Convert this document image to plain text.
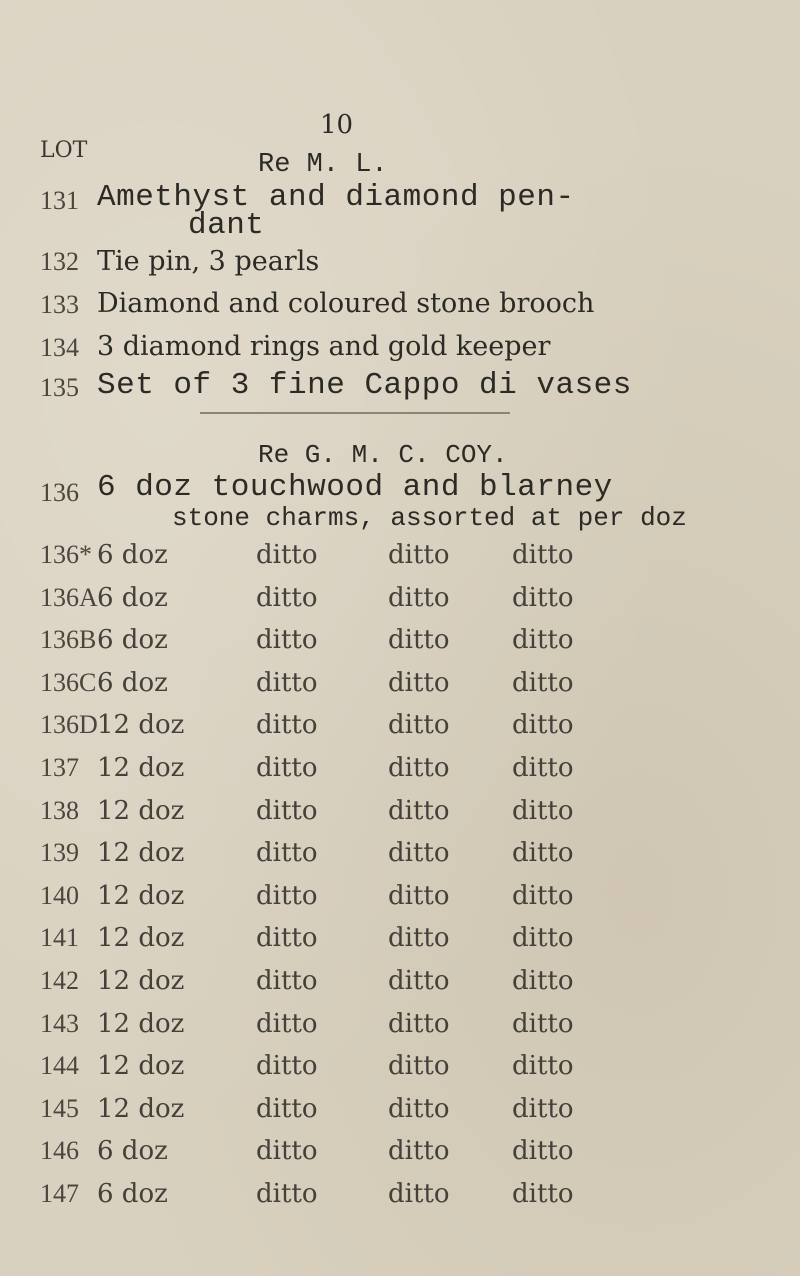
10
LOT	Re M. L.
131 Amethyst and diamond pen-
dant
132 Tie pin, 3 pearls
133 Diamond and coloured stone brooch
134 3 diamond rings and gold keeper
135 Set of 3 fine Cappo di vases
Re G. M. C. COY.
136 6 doz touchwood and blarney
stone charms, assorted at per doz
136* 6 doz	ditto	ditto ditto
136A 6 doz	ditto	ditto ditto
136B 6 doz	ditto	ditto ditto
136C 6 doz	ditto	ditto ditto
136D 12 doz	ditto	ditto ditto
137 12 doz	ditto	ditto ditto
138 12 doz	ditto	ditto ditto
139 12 doz	ditto	ditto ditto
140 12 doz	ditto	ditto ditto
141 12 doz	ditto	ditto ditto
142 12 doz	ditto	ditto ditto
143 12 doz	ditto	ditto ditto
144 12 doz	ditto	ditto ditto
145 12 doz	ditto	ditto ditto
146 6 doz	ditto	ditto ditto
147 6 doz	ditto	ditto ditto
